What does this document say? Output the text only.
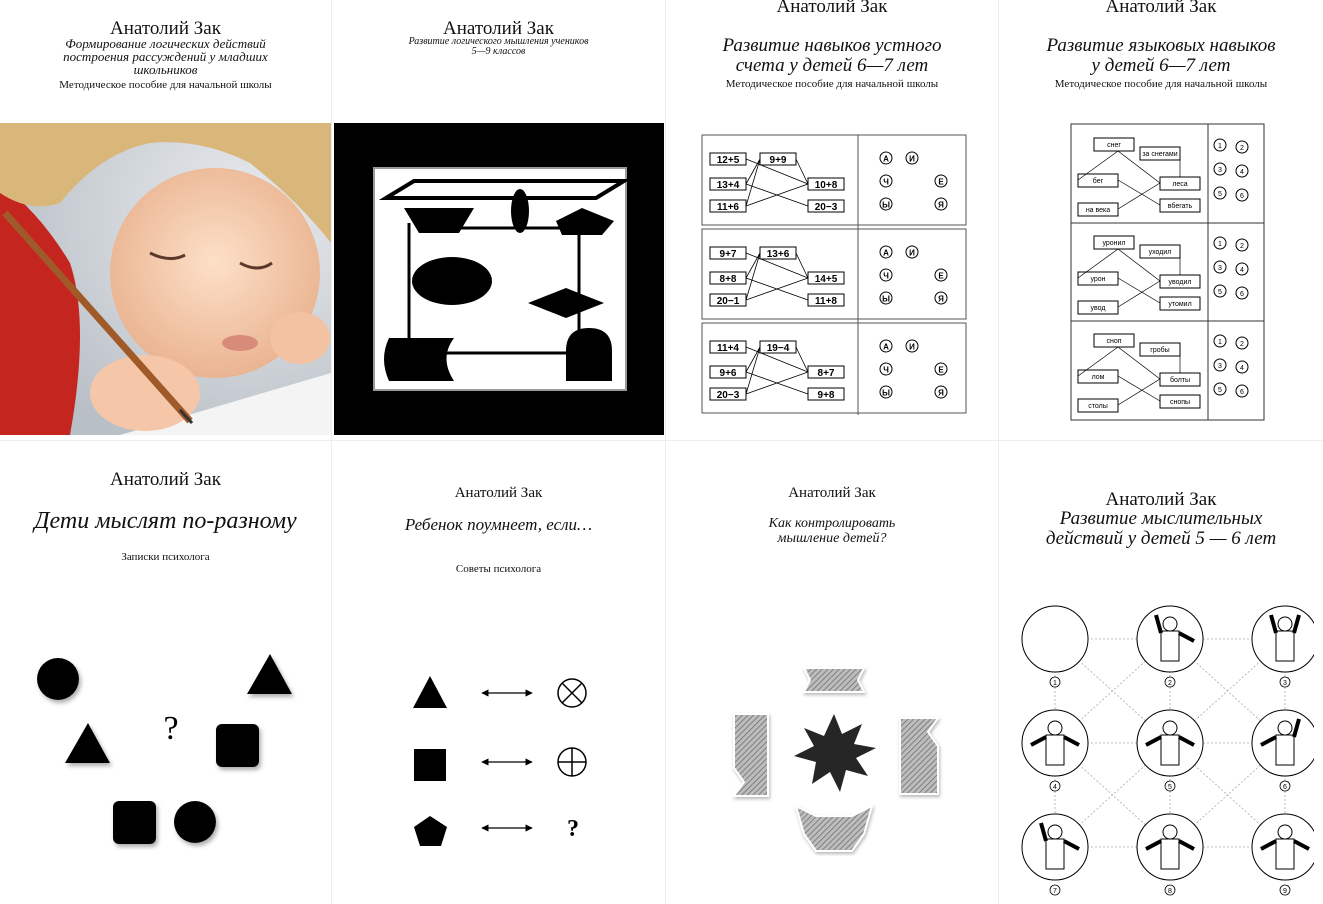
Анатолий Зак
Формирование логических действий
построения рассуждений у младших
школьников
Методическое пособие для начальной школы
Анатолий Зак
Развитие логического мышления учеников
5—9 классов
Анатолий Зак
Развитие навыков устного
счета у детей 6—7 лет
Методическое пособие для начальной школы
12+5
13+4
11+6
9+9
10+8
20−3
А	И
Ч	Е
Ы	Я
9+7
8+8
20−1
13+6
14+5
11+8
А	И
Ч	Е
Ы	Я
11+4
9+6
20−3
19−4
8+7
9+8
А	И
Ч	Е
Ы	Я
Анатолий Зак
Развитие языковых навыков
у детей 6—7 лет
Методическое пособие для начальной школы
снег
за снегами
бег	леса
на века
вбегать
1	2
3	4
5	6
уронил
уходил
урон	уводил
увод
утомил
1	2
3	4
5	6
сноп
гробы
лом	болты
столы
снопы
1	2
3	4
5	6
Анатолий Зак
Дети мыслят по-разному
Записки психолога
?
Анатолий Зак
Ребенок поумнеет, если…
Советы психолога
?
Анатолий Зак
Как контролировать
мышление детей?
Анатолий Зак
Развитие мыслительных
действий у детей 5 — 6 лет
1	2	3
4	5	6
7	8	9
